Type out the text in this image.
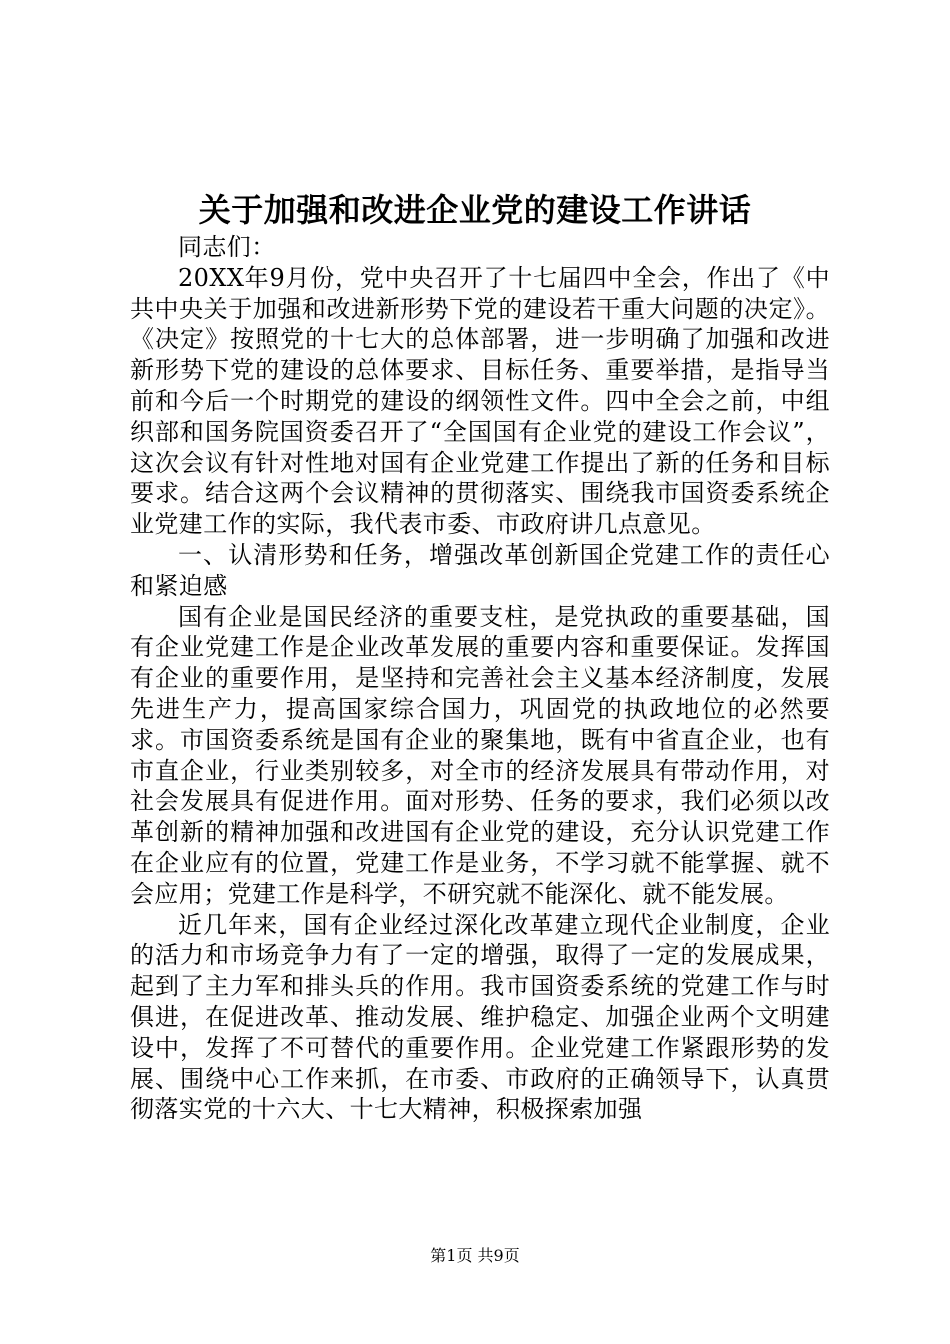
关于加强和改进企业党的建设工作讲话

同志们：

20XX年9月份，党中央召开了十七届四中全会，作出了《中共中央关于加强和改进新形势下党的建设若干重大问题的决定》。《决定》按照党的十七大的总体部署，进一步明确了加强和改进新形势下党的建设的总体要求、目标任务、重要举措，是指导当前和今后一个时期党的建设的纲领性文件。四中全会之前，中组织部和国务院国资委召开了“全国国有企业党的建设工作会议”，这次会议有针对性地对国有企业党建工作提出了新的任务和目标要求。结合这两个会议精神的贯彻落实、围绕我市国资委系统企业党建工作的实际，我代表市委、市政府讲几点意见。

一、认清形势和任务，增强改革创新国企党建工作的责任心和紧迫感

国有企业是国民经济的重要支柱，是党执政的重要基础，国有企业党建工作是企业改革发展的重要内容和重要保证。发挥国有企业的重要作用，是坚持和完善社会主义基本经济制度，发展先进生产力，提高国家综合国力，巩固党的执政地位的必然要求。市国资委系统是国有企业的聚集地，既有中省直企业，也有市直企业，行业类别较多，对全市的经济发展具有带动作用，对社会发展具有促进作用。面对形势、任务的要求，我们必须以改革创新的精神加强和改进国有企业党的建设，充分认识党建工作在企业应有的位置，党建工作是业务，不学习就不能掌握、就不会应用；党建工作是科学，不研究就不能深化、就不能发展。

近几年来，国有企业经过深化改革建立现代企业制度，企业的活力和市场竞争力有了一定的增强，取得了一定的发展成果，起到了主力军和排头兵的作用。我市国资委系统的党建工作与时俱进，在促进改革、推动发展、维护稳定、加强企业两个文明建设中，发挥了不可替代的重要作用。企业党建工作紧跟形势的发展、围绕中心工作来抓，在市委、市政府的正确领导下，认真贯彻落实党的十六大、十七大精神，积极探索加强

第1页 共9页
